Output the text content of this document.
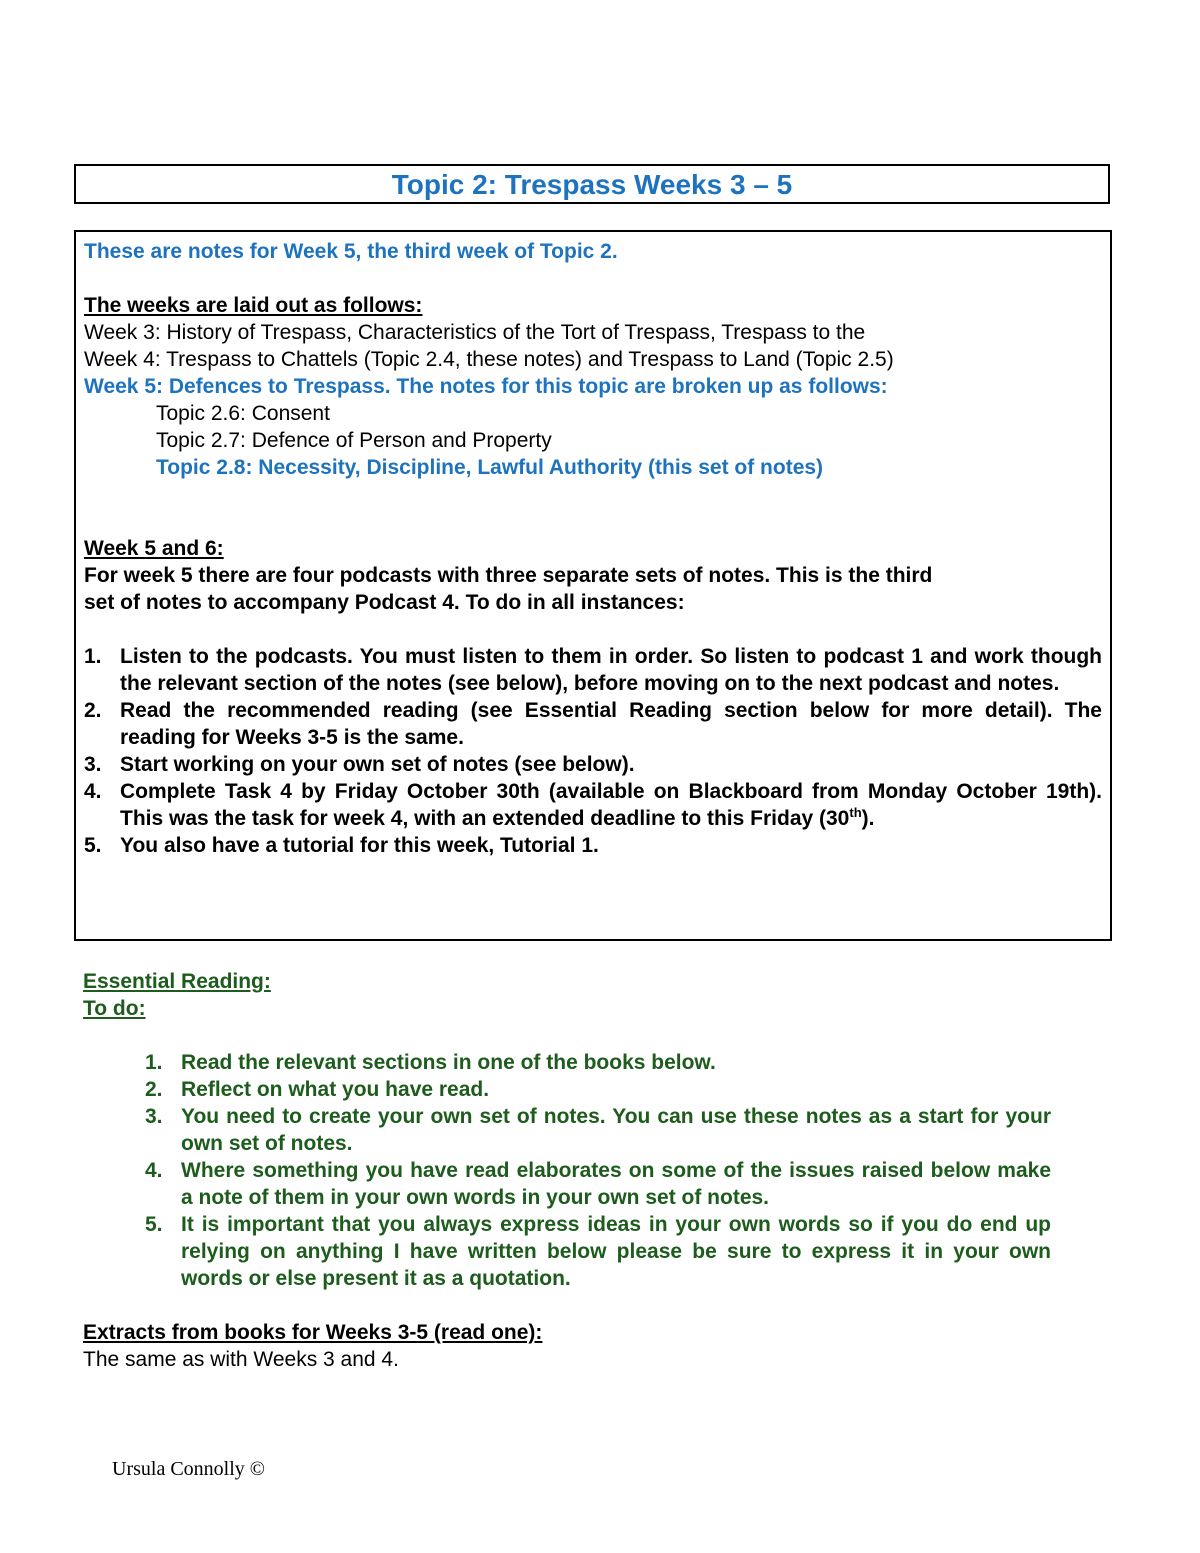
Topic 2: Trespass Weeks 3 – 5
These are notes for Week 5, the third week of Topic 2.
The weeks are laid out as follows:
Week 3: History of Trespass, Characteristics of the Tort of Trespass, Trespass to the
Week 4: Trespass to Chattels (Topic 2.4, these notes) and Trespass to Land (Topic 2.5)
Week 5: Defences to Trespass. The notes for this topic are broken up as follows:
Topic 2.6: Consent
Topic 2.7: Defence of Person and Property
Topic 2.8: Necessity, Discipline, Lawful Authority (this set of notes)
Week 5 and 6:
For week 5 there are four podcasts with three separate sets of notes. This is the third
set of notes to accompany Podcast 4. To do in all instances:
1. Listen to the podcasts. You must listen to them in order. So listen to podcast 1 and work though the relevant section of the notes (see below), before moving on to the next podcast and notes.
2. Read the recommended reading (see Essential Reading section below for more detail). The reading for Weeks 3-5 is the same.
3. Start working on your own set of notes (see below).
4. Complete Task 4 by Friday October 30th (available on Blackboard from Monday October 19th). This was the task for week 4, with an extended deadline to this Friday (30th).
5. You also have a tutorial for this week, Tutorial 1.
Essential Reading:
To do:
1. Read the relevant sections in one of the books below.
2. Reflect on what you have read.
3. You need to create your own set of notes. You can use these notes as a start for your own set of notes.
4. Where something you have read elaborates on some of the issues raised below make a note of them in your own words in your own set of notes.
5. It is important that you always express ideas in your own words so if you do end up relying on anything I have written below please be sure to express it in your own words or else present it as a quotation.
Extracts from books for Weeks 3-5 (read one):
The same as with Weeks 3 and 4.
Ursula Connolly ©
